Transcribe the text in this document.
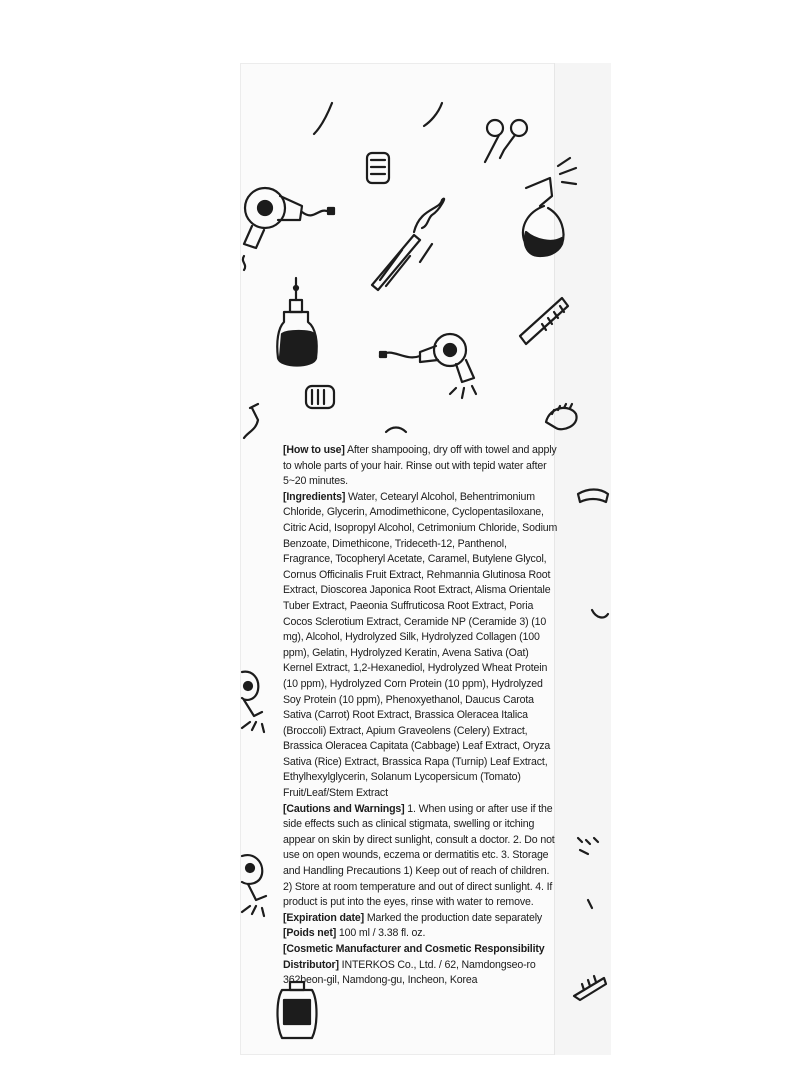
[How to use] After shampooing, dry off with towel and apply to whole parts of your hair. Rinse out with tepid water after 5~20 minutes.

[Ingredients] Water, Cetearyl Alcohol, Behentrimonium Chloride, Glycerin, Amodimethicone, Cyclopentasiloxane, Citric Acid, Isopropyl Alcohol, Cetrimonium Chloride, Sodium Benzoate, Dimethicone, Trideceth-12, Panthenol, Fragrance, Tocopheryl Acetate, Caramel, Butylene Glycol, Cornus Officinalis Fruit Extract, Rehmannia Glutinosa Root Extract, Dioscorea Japonica Root Extract, Alisma Orientale Tuber Extract, Paeonia Suffruticosa Root Extract, Poria Cocos Sclerotium Extract, Ceramide NP (Ceramide 3) (10 mg), Alcohol, Hydrolyzed Silk, Hydrolyzed Collagen (100 ppm), Gelatin, Hydrolyzed Keratin, Avena Sativa (Oat) Kernel Extract, 1,2-Hexanediol, Hydrolyzed Wheat Protein (10 ppm), Hydrolyzed Corn Protein (10 ppm), Hydrolyzed Soy Protein (10 ppm), Phenoxyethanol, Daucus Carota Sativa (Carrot) Root Extract, Brassica Oleracea Italica (Broccoli) Extract, Apium Graveolens (Celery) Extract, Brassica Oleracea Capitata (Cabbage) Leaf Extract, Oryza Sativa (Rice) Extract, Brassica Rapa (Turnip) Leaf Extract, Ethylhexylglycerin, Solanum Lycopersicum (Tomato) Fruit/Leaf/Stem Extract

[Cautions and Warnings] 1. When using or after use if the side effects such as clinical stigmata, swelling or itching appear on skin by direct sunlight, consult a doctor. 2. Do not use on open wounds, eczema or dermatitis etc. 3. Storage and Handling Precautions 1) Keep out of reach of children. 2) Store at room temperature and out of direct sunlight. 4. If product is put into the eyes, rinse with water to remove.

[Expiration date] Marked the production date separately

[Poids net] 100 ml / 3.38 fl. oz.

[Cosmetic Manufacturer and Cosmetic Responsibility Distributor] INTERKOS Co., Ltd. / 62, Namdongseo-ro 362beon-gil, Namdong-gu, Incheon, Korea
